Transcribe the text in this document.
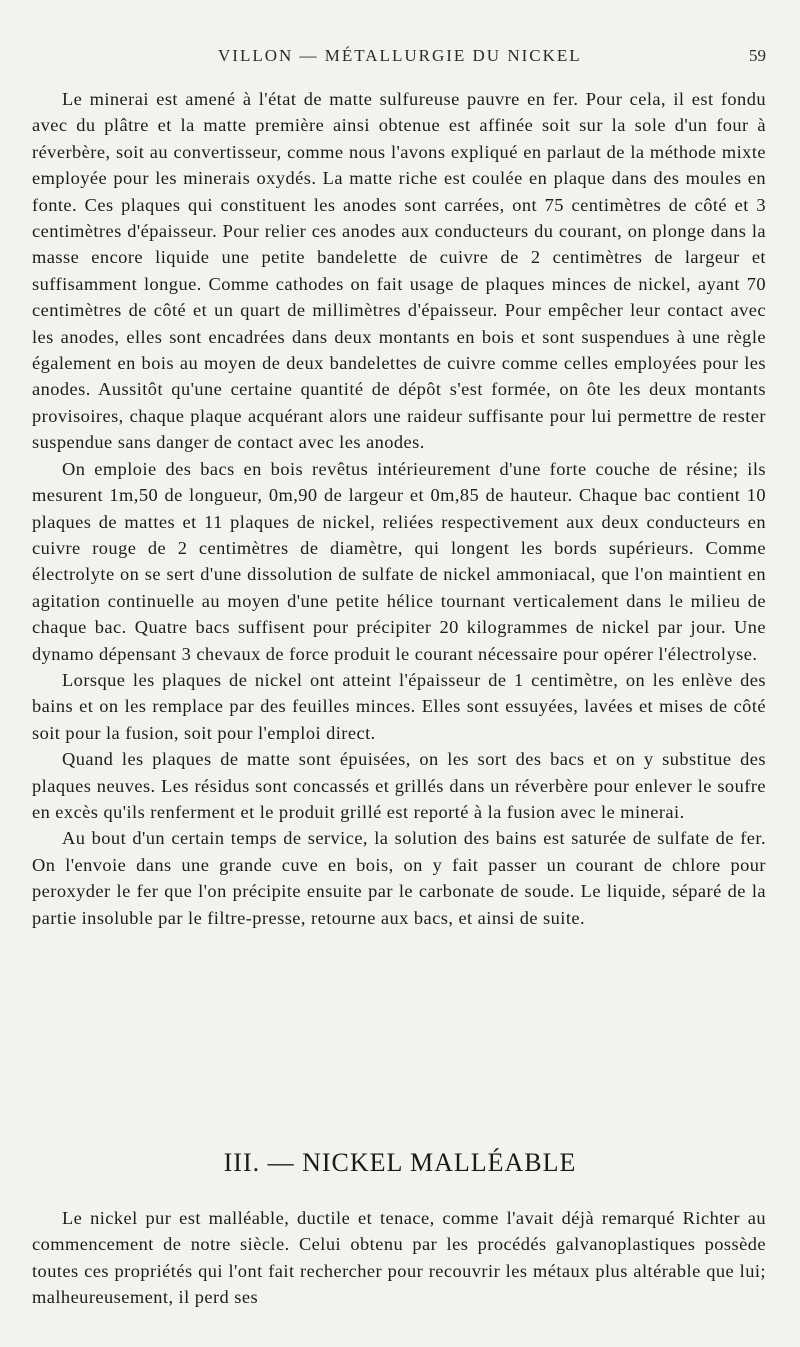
VILLON — MÉTALLURGIE DU NICKEL	59

Le minerai est amené à l'état de matte sulfureuse pauvre en fer. Pour cela, il est fondu avec du plâtre et la matte première ainsi obtenue est affinée soit sur la sole d'un four à réverbère, soit au convertisseur, comme nous l'avons expliqué en parlaut de la méthode mixte employée pour les minerais oxydés. La matte riche est coulée en plaque dans des moules en fonte. Ces plaques qui constituent les anodes sont carrées, ont 75 centimètres de côté et 3 centimètres d'épaisseur. Pour relier ces anodes aux conducteurs du courant, on plonge dans la masse encore liquide une petite bandelette de cuivre de 2 centimètres de largeur et suffisamment longue. Comme cathodes on fait usage de plaques minces de nickel, ayant 70 centimètres de côté et un quart de millimètres d'épaisseur. Pour empêcher leur contact avec les anodes, elles sont encadrées dans deux montants en bois et sont suspendues à une règle également en bois au moyen de deux bandelettes de cuivre comme celles employées pour les anodes. Aussitôt qu'une certaine quantité de dépôt s'est formée, on ôte les deux montants provisoires, chaque plaque acquérant alors une raideur suffisante pour lui permettre de rester suspendue sans danger de contact avec les anodes.

On emploie des bacs en bois revêtus intérieurement d'une forte couche de résine; ils mesurent 1m,50 de longueur, 0m,90 de largeur et 0m,85 de hauteur. Chaque bac contient 10 plaques de mattes et 11 plaques de nickel, reliées respectivement aux deux conducteurs en cuivre rouge de 2 centimètres de diamètre, qui longent les bords supérieurs. Comme électrolyte on se sert d'une dissolution de sulfate de nickel ammoniacal, que l'on maintient en agitation continuelle au moyen d'une petite hélice tournant verticalement dans le milieu de chaque bac. Quatre bacs suffisent pour précipiter 20 kilogrammes de nickel par jour. Une dynamo dépensant 3 chevaux de force produit le courant nécessaire pour opérer l'électrolyse.

Lorsque les plaques de nickel ont atteint l'épaisseur de 1 centimètre, on les enlève des bains et on les remplace par des feuilles minces. Elles sont essuyées, lavées et mises de côté soit pour la fusion, soit pour l'emploi direct.

Quand les plaques de matte sont épuisées, on les sort des bacs et on y substitue des plaques neuves. Les résidus sont concassés et grillés dans un réverbère pour enlever le soufre en excès qu'ils renferment et le produit grillé est reporté à la fusion avec le minerai.

Au bout d'un certain temps de service, la solution des bains est saturée de sulfate de fer. On l'envoie dans une grande cuve en bois, on y fait passer un courant de chlore pour peroxyder le fer que l'on précipite ensuite par le carbonate de soude. Le liquide, séparé de la partie insoluble par le filtre-presse, retourne aux bacs, et ainsi de suite.

III. — NICKEL MALLÉABLE

Le nickel pur est malléable, ductile et tenace, comme l'avait déjà remarqué Richter au commencement de notre siècle. Celui obtenu par les procédés galvanoplastiques possède toutes ces propriétés qui l'ont fait rechercher pour recouvrir les métaux plus altérable que lui; malheureusement, il perd ses
